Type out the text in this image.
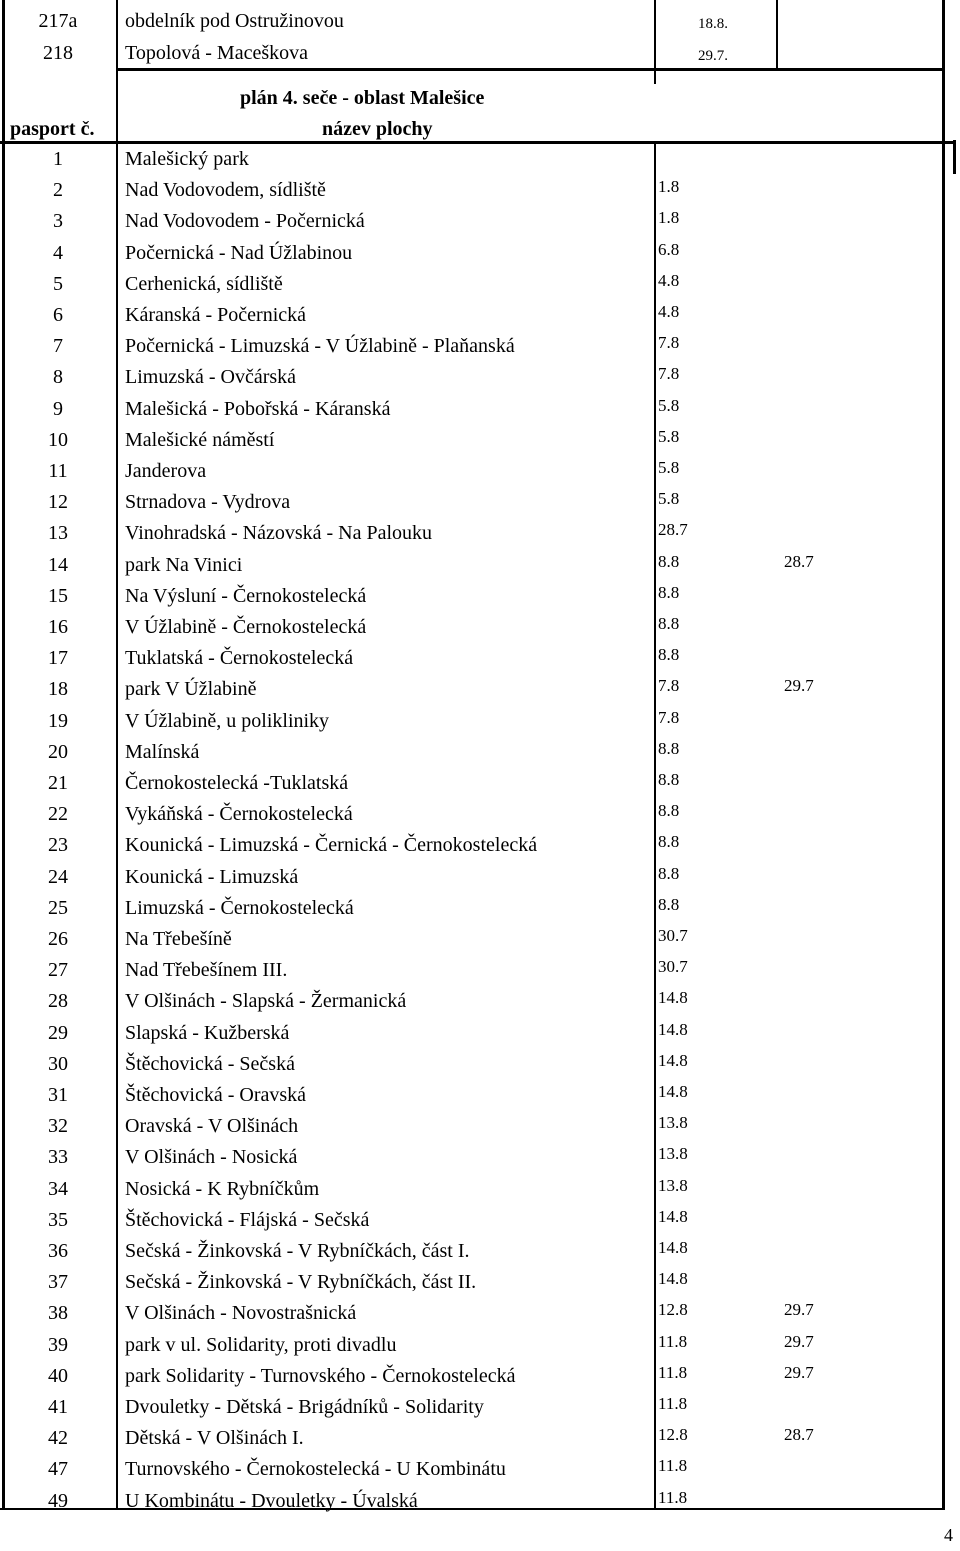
217a	obdelník pod Ostružinovou	18.8.
218	Topolová - Maceškova	29.7.
plán 4. seče - oblast Malešice
pasport č.	název plochy
1	Malešický park
2	Nad Vodovodem, sídliště	1.8
3	Nad Vodovodem - Počernická	1.8
4	Počernická - Nad Úžlabinou	6.8
5	Cerhenická, sídliště	4.8
6	Káranská - Počernická	4.8
7	Počernická - Limuzská - V Úžlabině - Plaňanská	7.8
8	Limuzská - Ovčárská	7.8
9	Malešická - Pobořská - Káranská	5.8
10	Malešické náměstí	5.8
11	Janderova	5.8
12	Strnadova - Vydrova	5.8
13	Vinohradská - Názovská - Na Palouku	28.7
14	park Na Vinici	8.8	28.7
15	Na Výsluní - Černokostelecká	8.8
16	V Úžlabině - Černokostelecká	8.8
17	Tuklatská - Černokostelecká	8.8
18	park V Úžlabině	7.8	29.7
19	V Úžlabině, u polikliniky	7.8
20	Malínská	8.8
21	Černokostelecká -Tuklatská	8.8
22	Vykáňská - Černokostelecká	8.8
23	Kounická - Limuzská - Černická - Černokostelecká	8.8
24	Kounická - Limuzská	8.8
25	Limuzská - Černokostelecká	8.8
26	Na Třebešíně	30.7
27	Nad Třebešínem III.	30.7
28	V Olšinách - Slapská - Žermanická	14.8
29	Slapská - Kužberská	14.8
30	Štěchovická - Sečská	14.8
31	Štěchovická - Oravská	14.8
32	Oravská - V Olšinách	13.8
33	V Olšinách - Nosická	13.8
34	Nosická - K Rybníčkům	13.8
35	Štěchovická - Flájská - Sečská	14.8
36	Sečská - Žinkovská - V Rybníčkách, část I.	14.8
37	Sečská - Žinkovská - V Rybníčkách, část II.	14.8
38	V Olšinách - Novostrašnická	12.8	29.7
39	park v ul. Solidarity, proti divadlu	11.8	29.7
40	park Solidarity - Turnovského - Černokostelecká	11.8	29.7
41	Dvouletky - Dětská - Brigádníků - Solidarity	11.8
42	Dětská - V Olšinách I.	12.8	28.7
47	Turnovského - Černokostelecká - U Kombinátu	11.8
49	U Kombinátu - Dvouletky - Úvalská	11.8
4
